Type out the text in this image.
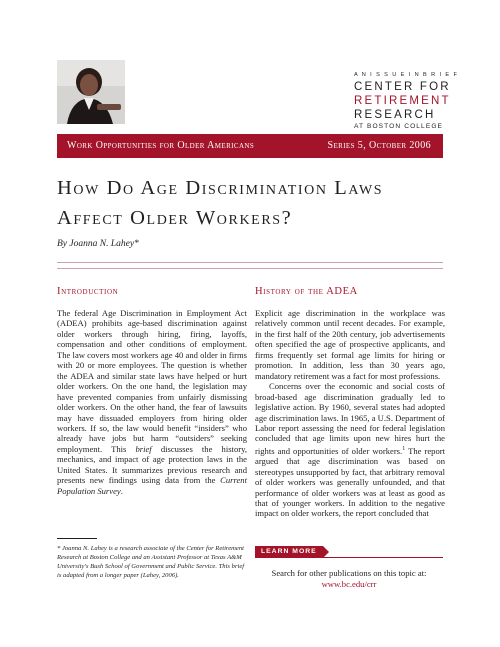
A N I S S U E I N B R I E F
CENTER FOR
RETIREMENT
RESEARCH
AT BOSTON COLLEGE
Work Opportunities for Older Americans	Series 5, October 2006
How Do Age Discrimination Laws
Affect Older Workers?
By Joanna N. Lahey*
Introduction

The federal Age Discrimination in Employment Act (ADEA) prohibits age-based discrimination against older workers through hiring, firing, layoffs, compensation and other conditions of employment. The law covers most workers age 40 and older in firms with 20 or more employees. The question is whether the ADEA and similar state laws have helped or hurt older workers. On the one hand, the legislation may have prevented companies from unfairly dismissing older workers. On the other hand, the fear of lawsuits may have dissuaded employers from hiring older workers. If so, the law would benefit “insiders” who already have jobs but harm “outsiders” seeking employment. This brief discusses the history, mechanics, and impact of age protection laws in the United States. It summarizes previous research and presents new findings using data from the Current Population Survey.

History of the ADEA

Explicit age discrimination in the workplace was relatively common until recent decades. For example, in the first half of the 20th century, job advertisements often specified the age of prospective applicants, and firms frequently set formal age limits for hiring or promotion. In addition, less than 30 years ago, mandatory retirement was a fact for most professions.

Concerns over the economic and social costs of broad-based age discrimination gradually led to legislative action. By 1960, several states had adopted age discrimination laws. In 1965, a U.S. Department of Labor report assessing the need for federal legislation concluded that age limits upon new hires hurt the rights and opportunities of older workers.$^1$ The report argued that age discrimination was based on stereotypes unsupported by fact, that arbitrary removal of older workers was generally unfounded, and that performance of older workers was at least as good as that of younger workers. In addition to the negative impact on older workers, the report concluded that

* Joanna N. Lahey is a research associate of the Center for Retirement Research at Boston College and an Assistant Professor at Texas A&M University's Bush School of Government and Public Service. This brief is adapted from a longer paper (Lahey, 2006).
LEARN MORE
Search for other publications on this topic at:
www.bc.edu/crr
